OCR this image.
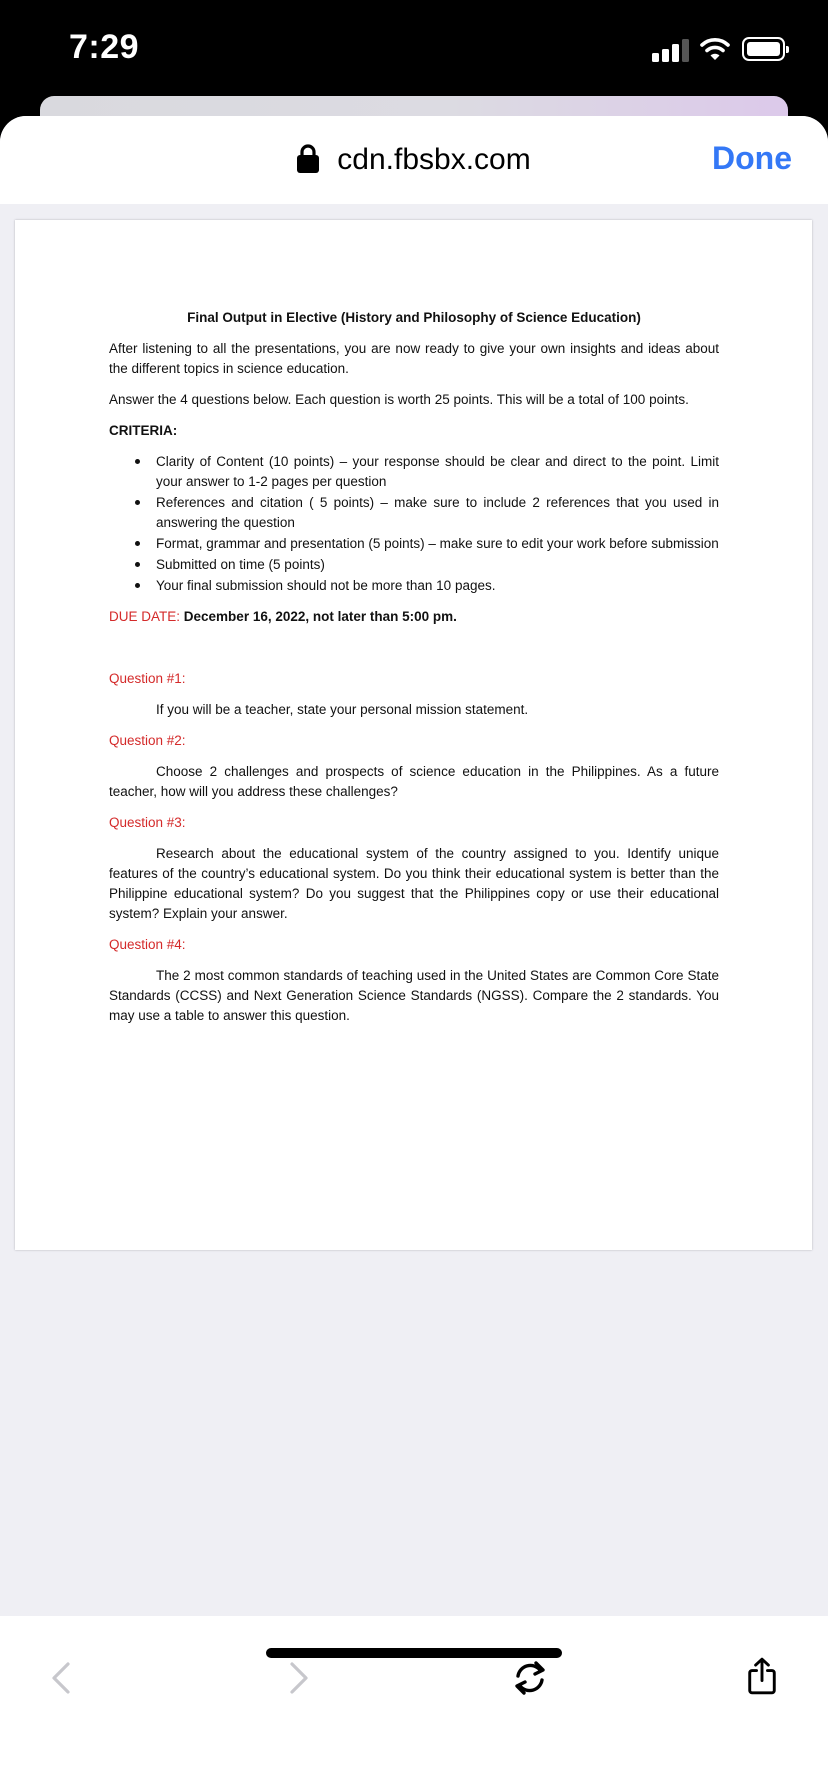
7:29
cdn.fbsbx.com	Done

Final Output in Elective (History and Philosophy of Science Education)

After listening to all the presentations, you are now ready to give your own insights and ideas about the different topics in science education.

Answer the 4 questions below. Each question is worth 25 points. This will be a total of 100 points.

CRITERIA:

Clarity of Content (10 points) – your response should be clear and direct to the point. Limit your answer to 1-2 pages per question
References and citation ( 5 points) – make sure to include 2 references that you used in answering the question
Format, grammar and presentation (5 points) – make sure to edit your work before submission
Submitted on time (5 points)
Your final submission should not be more than 10 pages.

DUE DATE: December 16, 2022, not later than 5:00 pm.

Question #1:

If you will be a teacher, state your personal mission statement.

Question #2:

Choose 2 challenges and prospects of science education in the Philippines. As a future teacher, how will you address these challenges?

Question #3:

Research about the educational system of the country assigned to you. Identify unique features of the country’s educational system. Do you think their educational system is better than the Philippine educational system? Do you suggest that the Philippines copy or use their educational system? Explain your answer.

Question #4:

The 2 most common standards of teaching used in the United States are Common Core State Standards (CCSS) and Next Generation Science Standards (NGSS). Compare the 2 standards. You may use a table to answer this question.
